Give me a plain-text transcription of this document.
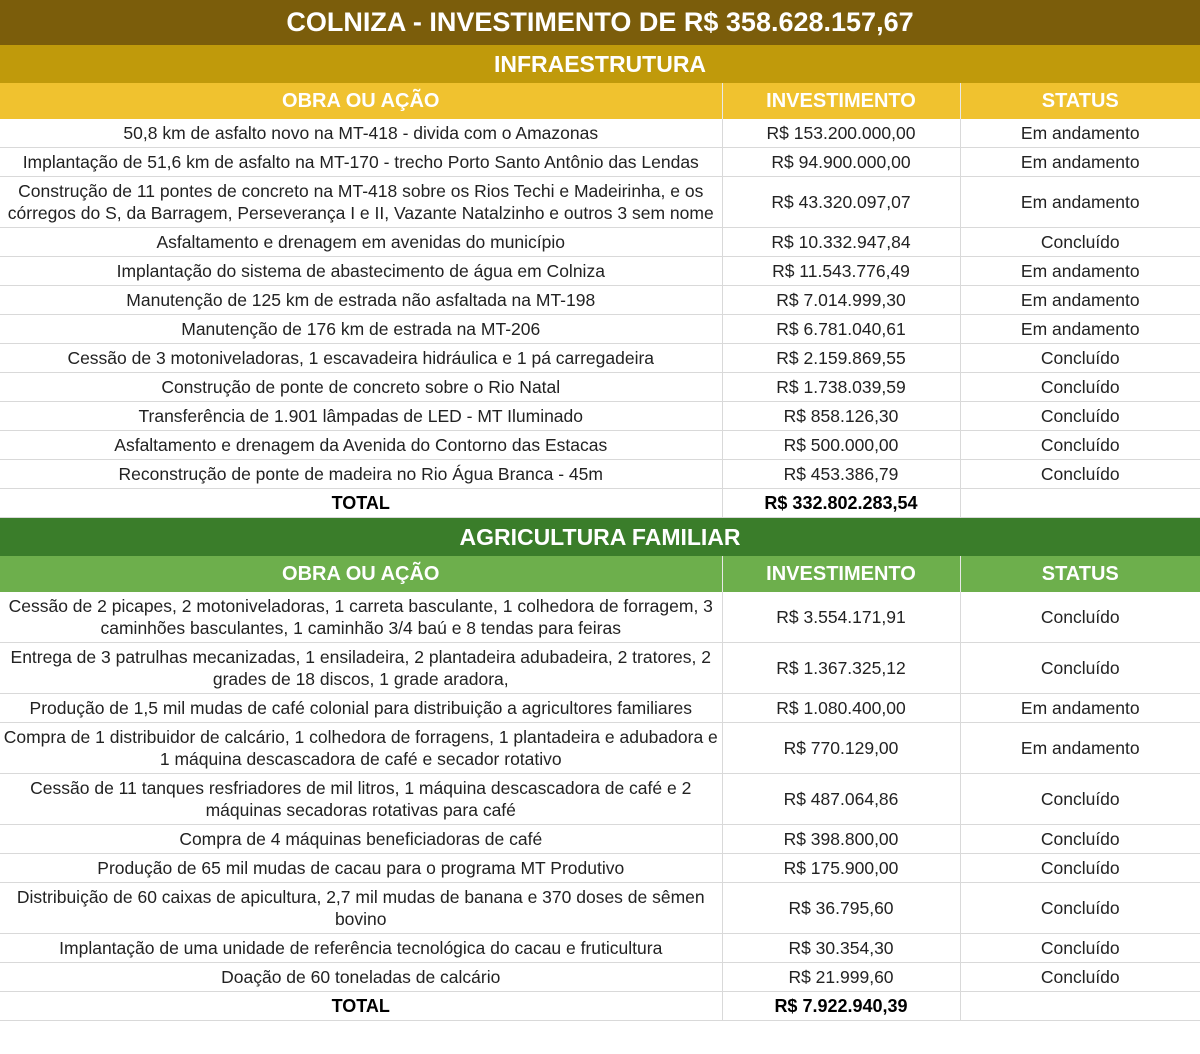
COLNIZA - INVESTIMENTO DE R$ 358.628.157,67
INFRAESTRUTURA
OBRA OU AÇÃO	INVESTIMENTO	STATUS
50,8 km de asfalto novo na MT-418 - divida com o Amazonas	R$ 153.200.000,00	Em andamento
Implantação de 51,6 km de asfalto na MT-170 - trecho Porto Santo Antônio das Lendas	R$ 94.900.000,00	Em andamento
Construção de 11 pontes de concreto na MT-418 sobre os Rios Techi e Madeirinha, e os córregos do S, da Barragem, Perseverança I e II, Vazante Natalzinho e outros 3 sem nome	R$ 43.320.097,07	Em andamento
Asfaltamento e drenagem em avenidas do município	R$ 10.332.947,84	Concluído
Implantação do sistema de abastecimento de água em Colniza	R$ 11.543.776,49	Em andamento
Manutenção de 125 km de estrada não asfaltada na MT-198	R$ 7.014.999,30	Em andamento
Manutenção de 176 km de estrada na MT-206	R$ 6.781.040,61	Em andamento
Cessão de 3 motoniveladoras, 1 escavadeira hidráulica e 1 pá carregadeira	R$ 2.159.869,55	Concluído
Construção de ponte de concreto sobre o Rio Natal	R$ 1.738.039,59	Concluído
Transferência de 1.901 lâmpadas de LED - MT Iluminado	R$ 858.126,30	Concluído
Asfaltamento e drenagem da Avenida do Contorno das Estacas	R$ 500.000,00	Concluído
Reconstrução de ponte de madeira no Rio Água Branca - 45m	R$ 453.386,79	Concluído
TOTAL	R$ 332.802.283,54	
AGRICULTURA FAMILIAR
OBRA OU AÇÃO	INVESTIMENTO	STATUS
Cessão de 2 picapes, 2 motoniveladoras, 1 carreta basculante, 1 colhedora de forragem, 3 caminhões basculantes, 1 caminhão 3/4 baú e 8 tendas para feiras	R$ 3.554.171,91	Concluído
Entrega de 3 patrulhas mecanizadas, 1 ensiladeira, 2 plantadeira adubadeira, 2 tratores, 2 grades de 18 discos, 1 grade aradora,	R$ 1.367.325,12	Concluído
Produção de 1,5 mil mudas de café colonial para distribuição a agricultores familiares	R$ 1.080.400,00	Em andamento
Compra de 1 distribuidor de calcário, 1 colhedora de forragens, 1 plantadeira e adubadora e 1 máquina descascadora de café e secador rotativo	R$ 770.129,00	Em andamento
Cessão de 11 tanques resfriadores de mil litros, 1 máquina descascadora de café e 2 máquinas secadoras rotativas para café	R$ 487.064,86	Concluído
Compra de 4 máquinas beneficiadoras de café	R$ 398.800,00	Concluído
Produção de 65 mil mudas de cacau para o programa MT Produtivo	R$ 175.900,00	Concluído
Distribuição de 60 caixas de apicultura, 2,7 mil mudas de banana e 370 doses de sêmen bovino	R$ 36.795,60	Concluído
Implantação de uma unidade de referência tecnológica do cacau e fruticultura	R$ 30.354,30	Concluído
Doação de 60 toneladas de calcário	R$ 21.999,60	Concluído
TOTAL	R$ 7.922.940,39	
